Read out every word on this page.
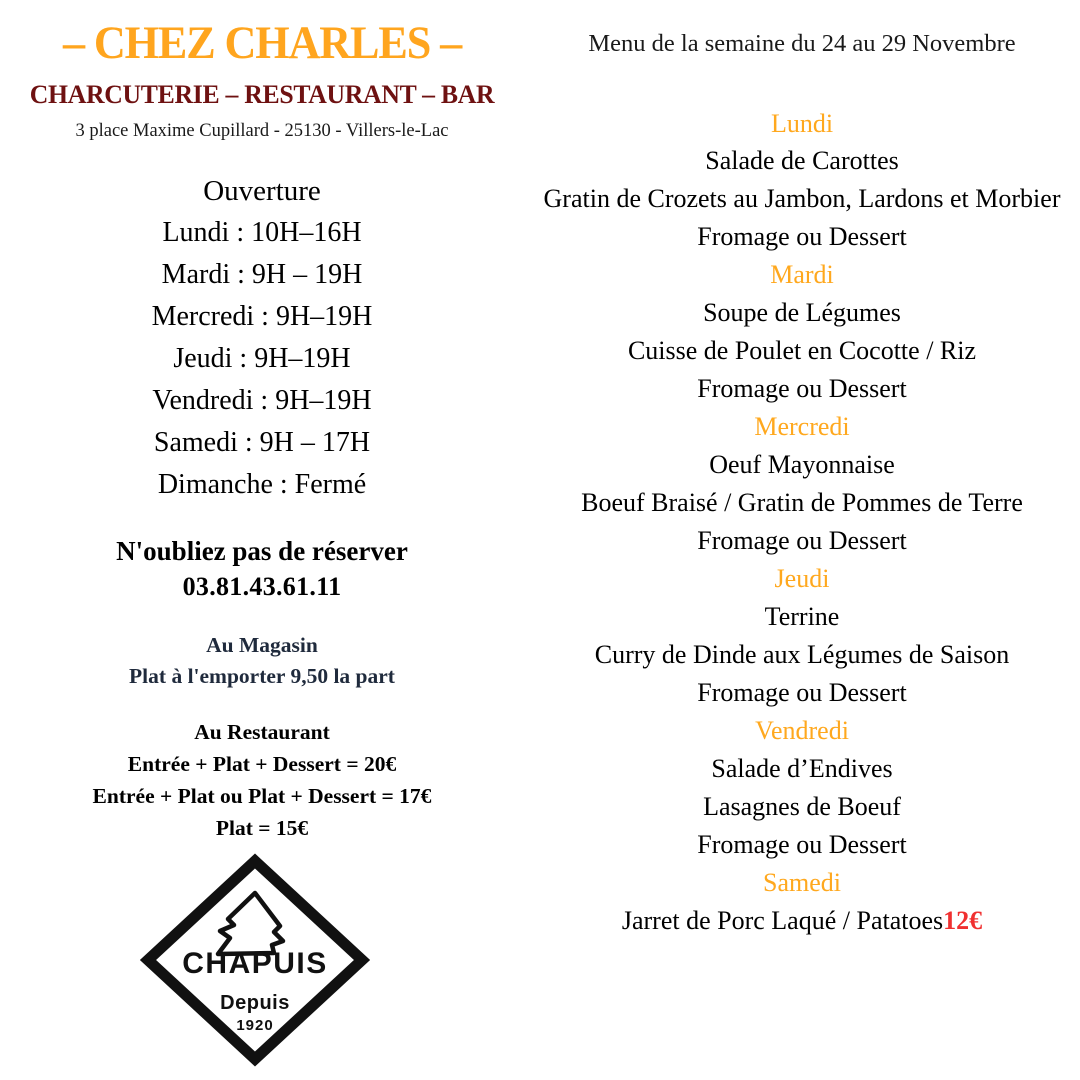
– CHEZ CHARLES –
CHARCUTERIE – RESTAURANT – BAR
3 place Maxime Cupillard - 25130 - Villers-le-Lac
Ouverture
Lundi : 10H–16H
Mardi : 9H – 19H
Mercredi : 9H–19H
Jeudi : 9H–19H
Vendredi : 9H–19H
Samedi : 9H – 17H
Dimanche : Fermé
N'oubliez pas de réserver
03.81.43.61.11
Au Magasin
Plat à l'emporter 9,50 la part
Au Restaurant
Entrée + Plat + Dessert = 20€
Entrée + Plat ou Plat + Dessert = 17€
Plat = 15€
CHAPUIS
Depuis
1920
Menu de la semaine du 24 au 29 Novembre
Lundi
Salade de Carottes
Gratin de Crozets au Jambon, Lardons et Morbier
Fromage ou Dessert
Mardi
Soupe de Légumes
Cuisse de Poulet en Cocotte / Riz
Fromage ou Dessert
Mercredi
Oeuf Mayonnaise
Boeuf Braisé / Gratin de Pommes de Terre
Fromage ou Dessert
Jeudi
Terrine
Curry de Dinde aux Légumes de Saison
Fromage ou Dessert
Vendredi
Salade d’Endives
Lasagnes de Boeuf
Fromage ou Dessert
Samedi
Jarret de Porc Laqué / Patatoes12€
